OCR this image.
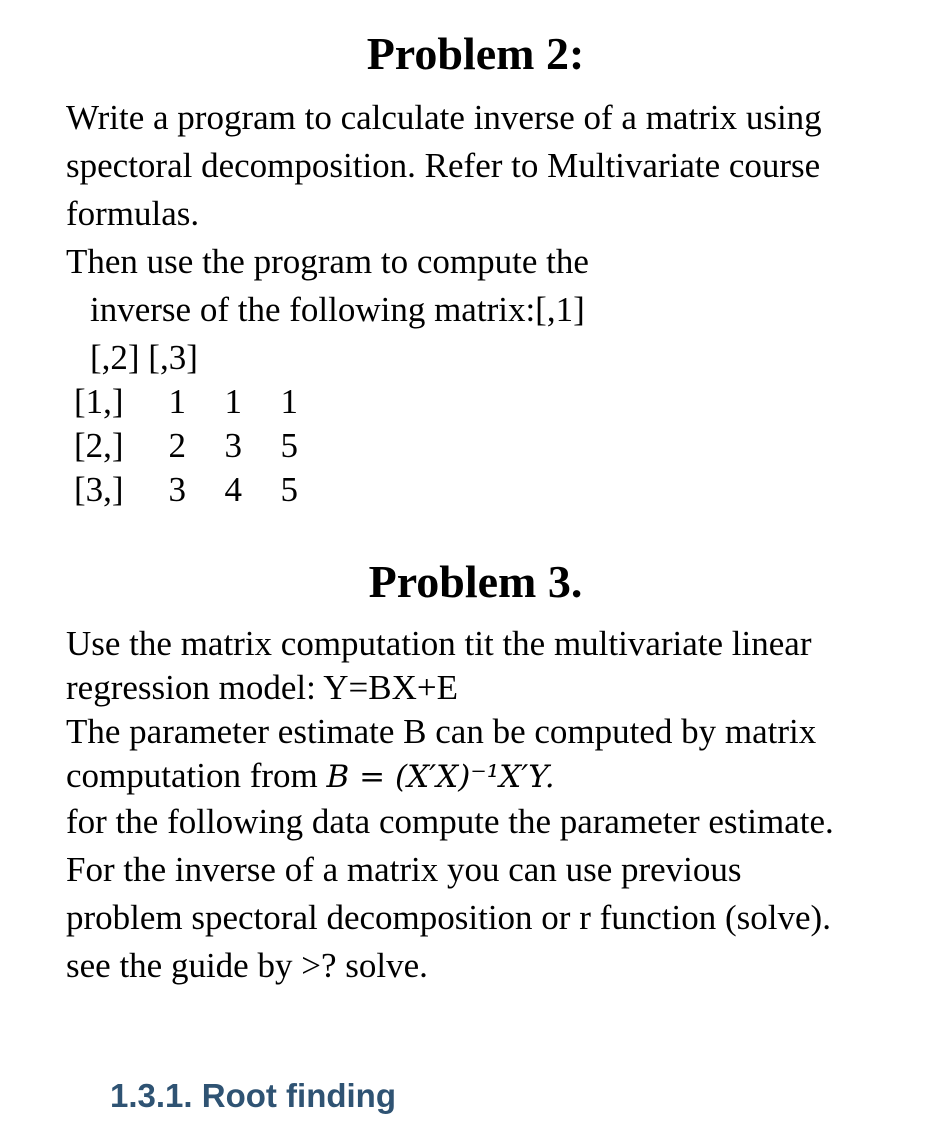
Problem 2:

Write a program to calculate inverse of a matrix using
spectoral decomposition. Refer to Multivariate course
formulas.

Then use the program to compute the
inverse of the following matrix:[,1]
[,2] [,3]

[1,]	1	1	1
[2,]	2	3	5
[3,]	3	4	5
Problem 3.

Use the matrix computation tit the multivariate linear
regression model: Y=BX+E
The parameter estimate B can be computed by matrix
computation from B = (X′X)⁻¹X′Y.

for the following data compute the parameter estimate.
For the inverse of a matrix you can use previous
problem spectoral decomposition or r function (solve).
see the guide by >? solve.

1.3.1. Root finding
